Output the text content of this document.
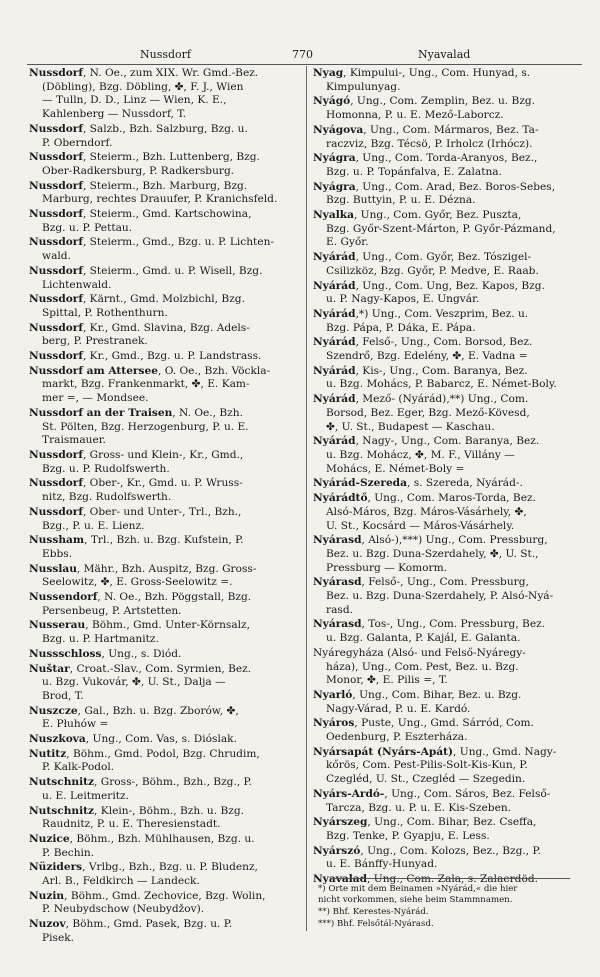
Nussdorf	770	Nyavalad
Nussdorf, N. Oe., zum XIX. Wr. Gmd.-Bez.
(Döbling), Bzg. Döbling, ✤, F. J., Wien
— Tulln, D. D., Linz — Wien, K. E.,
Kahlenberg — Nussdorf, T.
Nussdorf, Salzb., Bzh. Salzburg, Bzg. u.
P. Oberndorf.
Nussdorf, Steierm., Bzh. Luttenberg, Bzg.
Ober-Radkersburg, P. Radkersburg.
Nussdorf, Steierm., Bzh. Marburg, Bzg.
Marburg, rechtes Drauufer, P. Kranichsfeld.
Nussdorf, Steierm., Gmd. Kartschowina,
Bzg. u. P. Pettau.
Nussdorf, Steierm., Gmd., Bzg. u. P. Lichten-
wald.
Nussdorf, Steierm., Gmd. u. P. Wisell, Bzg.
Lichtenwald.
Nussdorf, Kärnt., Gmd. Molzbichl, Bzg.
Spittal, P. Rothenthurn.
Nussdorf, Kr., Gmd. Slavina, Bzg. Adels-
berg, P. Prestranek.
Nussdorf, Kr., Gmd., Bzg. u. P. Landstrass.
Nussdorf am Attersee, O. Oe., Bzh. Vöckla-
markt, Bzg. Frankenmarkt, ✤, E. Kam-
mer =, — Mondsee.
Nussdorf an der Traisen, N. Oe., Bzh.
St. Pölten, Bzg. Herzogenburg, P. u. E.
Traismauer.
Nussdorf, Gross- und Klein-, Kr., Gmd.,
Bzg. u. P. Rudolfswerth.
Nussdorf, Ober-, Kr., Gmd. u. P. Wruss-
nitz, Bzg. Rudolfswerth.
Nussdorf, Ober- und Unter-, Trl., Bzh.,
Bzg., P. u. E. Lienz.
Nussham, Trl., Bzh. u. Bzg. Kufstein, P.
Ebbs.
Nusslau, Mähr., Bzh. Auspitz, Bzg. Gross-
Seelowitz, ✤, E. Gross-Seelowitz =.
Nussendorf, N. Oe., Bzh. Pöggstall, Bzg.
Persenbeug, P. Artstetten.
Nusserau, Böhm., Gmd. Unter-Körnsalz,
Bzg. u. P. Hartmanitz.
Nussschloss, Ung., s. Diód.
Nuštar, Croat.-Slav., Com. Syrmien, Bez.
u. Bzg. Vukovár, ✤, U. St., Dalja —
Brod, T.
Nuszcze, Gal., Bzh. u. Bzg. Zborów, ✤,
E. Płuhów =
Nuszkova, Ung., Com. Vas, s. Dióslak.
Nutitz, Böhm., Gmd. Podol, Bzg. Chrudim,
P. Kalk-Podol.
Nutschnitz, Gross-, Böhm., Bzh., Bzg., P.
u. E. Leitmeritz.
Nutschnitz, Klein-, Böhm., Bzh. u. Bzg.
Raudnitz, P. u. E. Theresienstadt.
Nuzice, Böhm., Bzh. Mühlhausen, Bzg. u.
P. Bechin.
Nüziders, Vrlbg., Bzh., Bzg. u. P. Bludenz,
Arl. B., Feldkirch — Landeck.
Nuzin, Böhm., Gmd. Zechovice, Bzg. Wolin,
P. Neubydschow (Neubydžov).
Nuzov, Böhm., Gmd. Pasek, Bzg. u. P.
Pisek.
Nyag, Kimpului-, Ung., Com. Hunyad, s.
Kimpulunyag.
Nyágó, Ung., Com. Zemplin, Bez. u. Bzg.
Homonna, P. u. E. Mező-Laborcz.
Nyágova, Ung., Com. Mármaros, Bez. Ta-
raczviz, Bzg. Técsö, P. Irholcz (Irhócz).
Nyágra, Ung., Com. Torda-Aranyos, Bez.,
Bzg. u. P. Topánfalva, E. Zalatna.
Nyágra, Ung., Com. Arad, Bez. Boros-Sebes,
Bzg. Buttyin, P. u. E. Dézna.
Nyalka, Ung., Com. Győr, Bez. Puszta,
Bzg. Győr-Szent-Márton, P. Győr-Pázmand,
E. Győr.
Nyárád, Ung., Com. Győr, Bez. Tószigel-
Csilizköz, Bzg. Győr, P. Medve, E. Raab.
Nyárád, Ung., Com. Ung, Bez. Kapos, Bzg.
u. P. Nagy-Kapos, E. Ungvár.
Nyárád,*) Ung., Com. Veszprim, Bez. u.
Bzg. Pápa, P. Dáka, E. Pápa.
Nyárád, Felső-, Ung., Com. Borsod, Bez.
Szendrő, Bzg. Edelény, ✤, E. Vadna =
Nyárád, Kis-, Ung., Com. Baranya, Bez.
u. Bzg. Mohács, P. Babarcz, E. Német-Boly.
Nyárád, Mező- (Nyárád),**) Ung., Com.
Borsod, Bez. Eger, Bzg. Mező-Kövesd,
✤, U. St., Budapest — Kaschau.
Nyárád, Nagy-, Ung., Com. Baranya, Bez.
u. Bzg. Mohácz, ✤, M. F., Villány —
Mohács, E. Német-Boly =
Nyárád-Szereda, s. Szereda, Nyárád-.
Nyárádtő, Ung., Com. Maros-Torda, Bez.
Alsó-Máros, Bzg. Máros-Vásárhely, ✤,
U. St., Kocsárd — Máros-Vásárhely.
Nyárasd, Alsó-),***) Ung., Com. Pressburg,
Bez. u. Bzg. Duna-Szerdahely, ✤, U. St.,
Pressburg — Komorm.
Nyárasd, Felső-, Ung., Com. Pressburg,
Bez. u. Bzg. Duna-Szerdahely, P. Alsó-Nyá-
rasd.
Nyárasd, Tos-, Ung., Com. Pressburg, Bez.
u. Bzg. Galanta, P. Kajál, E. Galanta.
Nyáregyháza (Alsó- und Felső-Nyáregy-
háza), Ung., Com. Pest, Bez. u. Bzg.
Monor, ✤, E. Pilis =, T.
Nyarló, Ung., Com. Bihar, Bez. u. Bzg.
Nagy-Várad, P. u. E. Kardó.
Nyáros, Puste, Ung., Gmd. Sárród, Com.
Oedenburg, P. Eszterháza.
Nyársapát (Nyárs-Apát), Ung., Gmd. Nagy-
kőrös, Com. Pest-Pilis-Solt-Kis-Kun, P.
Czegléd, U. St., Czegléd — Szegedin.
Nyárs-Ardó-, Ung., Com. Sáros, Bez. Felső-
Tarcza, Bzg. u. P. u. E. Kis-Szeben.
Nyárszeg, Ung., Com. Bihar, Bez. Cseffa,
Bzg. Tenke, P. Gyapju, E. Less.
Nyárszó, Ung., Com. Kolozs, Bez., Bzg., P.
u. E. Bánffy-Hunyad.
Nyavalad, Ung., Com. Zala, s. Zalaerdöd.
*) Orte mit dem Beinamen »Nyárád,« die hier
nicht vorkommen, siehe beim Stammnamen.
**) Bhf. Kerestes-Nyárád.
***) Bhf. Felsőtál-Nyárasd.
